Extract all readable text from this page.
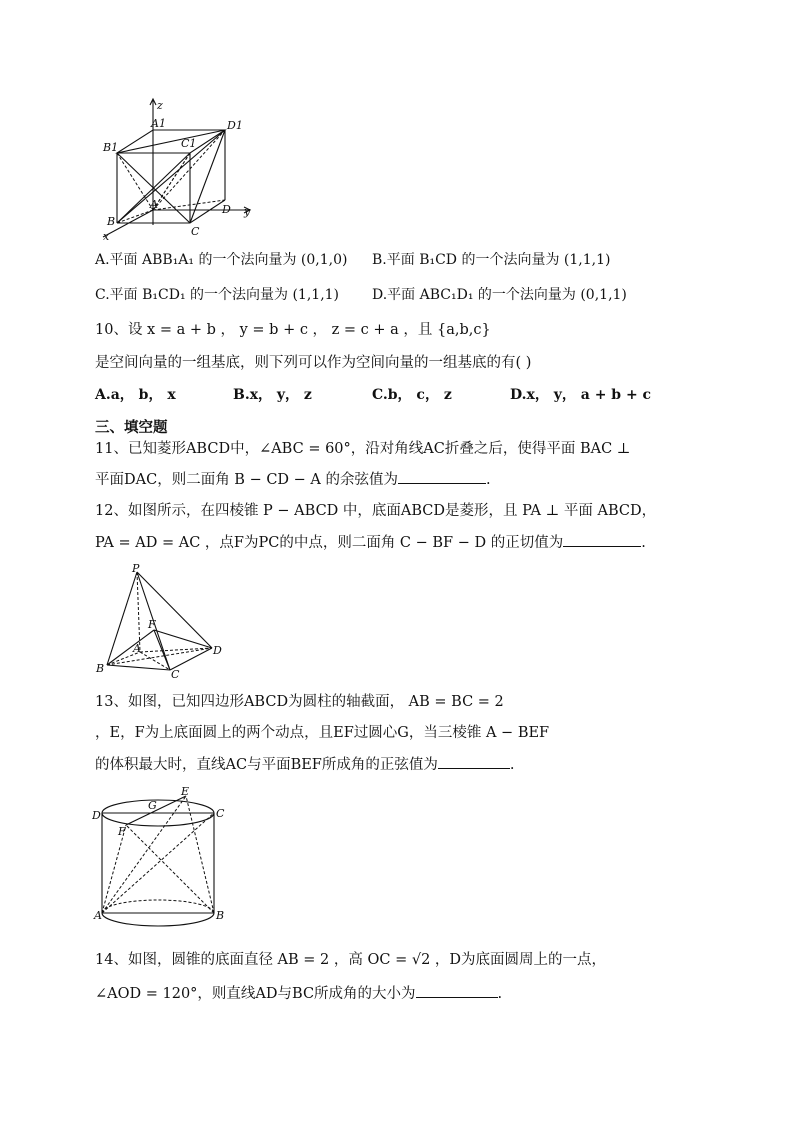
z
y
x
A1
B1	C1
D1
A
B
C
D
A.平面 ABB₁A₁ 的一个法向量为 (0,1,0) B.平面 B₁CD 的一个法向量为 (1,1,1)
C.平面 B₁CD₁ 的一个法向量为 (1,1,1) D.平面 ABC₁D₁ 的一个法向量为 (0,1,1)
10、设 x = a + b ， y = b + c ， z = c + a ，且 {a,b,c}
是空间向量的一组基底，则下列可以作为空间向量的一组基底的有( )
A.a， b， x	B.x， y， z	C.b， c， z	D.x， y， a + b + c
三、填空题
11、已知菱形ABCD中，∠ABC = 60°，沿对角线AC折叠之后，使得平面 BAC ⊥
平面DAC，则二面角 B − CD − A 的余弦值为	.
12、如图所示，在四棱锥 P − ABCD 中，底面ABCD是菱形，且 PA ⊥ 平面 ABCD，
PA = AD = AC ，点F为PC的中点，则二面角 C − BF − D 的正切值为	.
P
F
A
B	C
D
13、如图，已知四边形ABCD为圆柱的轴截面， AB = BC = 2
，E，F为上底面圆上的两个动点，且EF过圆心G，当三棱锥 A − BEF
的体积最大时，直线AC与平面BEF所成角的正弦值为	.
D
G
E
C
F
A	B
14、如图，圆锥的底面直径 AB = 2 ，高 OC = √2 ，D为底面圆周上的一点，
∠AOD = 120°，则直线AD与BC所成角的大小为	.
